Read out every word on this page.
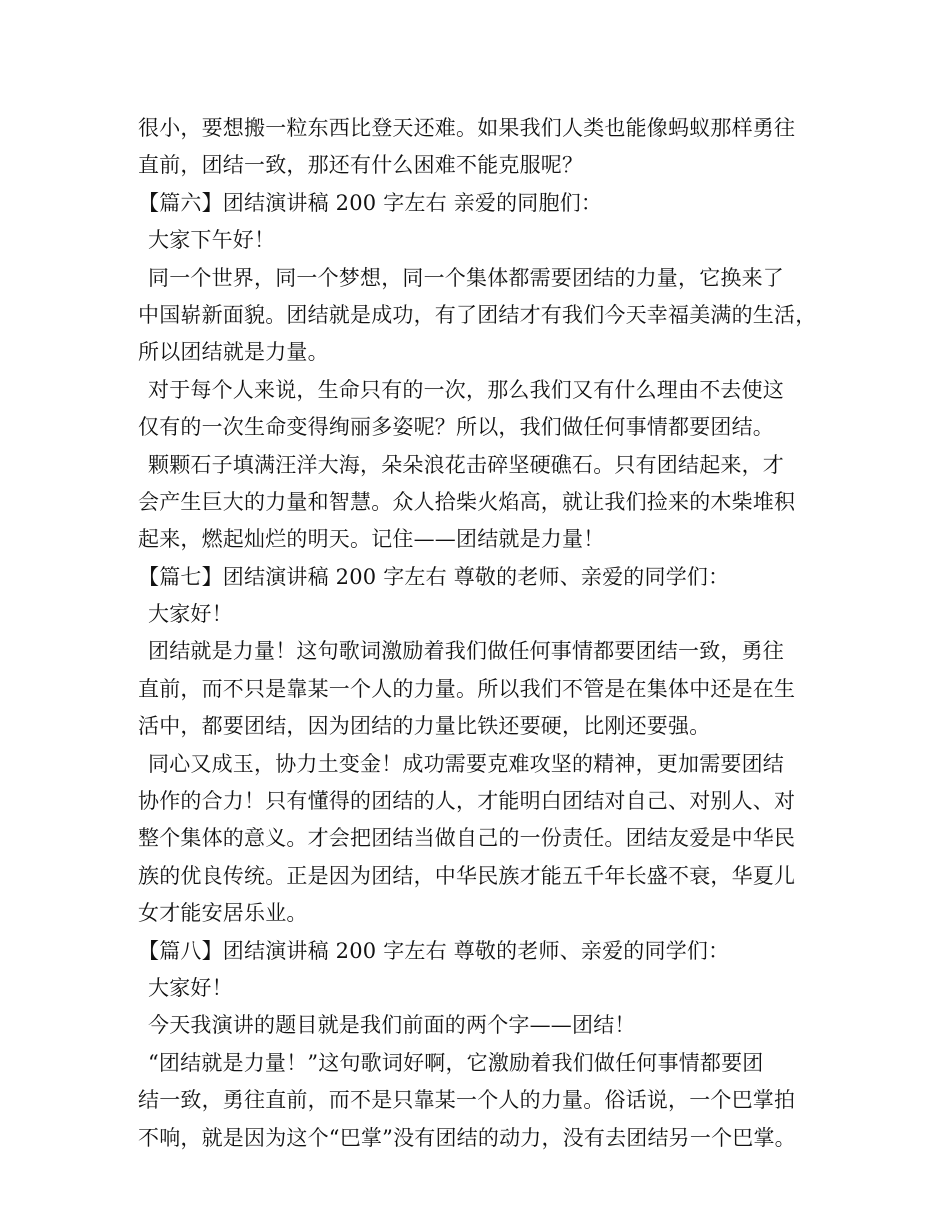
很小，要想搬一粒东西比登天还难。如果我们人类也能像蚂蚁那样勇往
直前，团结一致，那还有什么困难不能克服呢？
【篇六】团结演讲稿 200 字左右 亲爱的同胞们：
大家下午好！
同一个世界，同一个梦想，同一个集体都需要团结的力量，它换来了
中国崭新面貌。团结就是成功，有了团结才有我们今天幸福美满的生活，
所以团结就是力量。
对于每个人来说，生命只有的一次，那么我们又有什么理由不去使这
仅有的一次生命变得绚丽多姿呢？所以，我们做任何事情都要团结。
颗颗石子填满汪洋大海，朵朵浪花击碎坚硬礁石。只有团结起来，才
会产生巨大的力量和智慧。众人拾柴火焰高，就让我们捡来的木柴堆积
起来，燃起灿烂的明天。记住——团结就是力量！
【篇七】团结演讲稿 200 字左右 尊敬的老师、亲爱的同学们：
大家好！
团结就是力量！这句歌词激励着我们做任何事情都要团结一致，勇往
直前，而不只是靠某一个人的力量。所以我们不管是在集体中还是在生
活中，都要团结，因为团结的力量比铁还要硬，比刚还要强。
同心又成玉，协力土变金！成功需要克难攻坚的精神，更加需要团结
协作的合力！只有懂得的团结的人，才能明白团结对自己、对别人、对
整个集体的意义。才会把团结当做自己的一份责任。团结友爱是中华民
族的优良传统。正是因为团结，中华民族才能五千年长盛不衰，华夏儿
女才能安居乐业。
【篇八】团结演讲稿 200 字左右 尊敬的老师、亲爱的同学们：
大家好！
今天我演讲的题目就是我们前面的两个字——团结！
“团结就是力量！”这句歌词好啊，它激励着我们做任何事情都要团
结一致，勇往直前，而不是只靠某一个人的力量。俗话说，一个巴掌拍
不响，就是因为这个“巴掌”没有团结的动力，没有去团结另一个巴掌。
